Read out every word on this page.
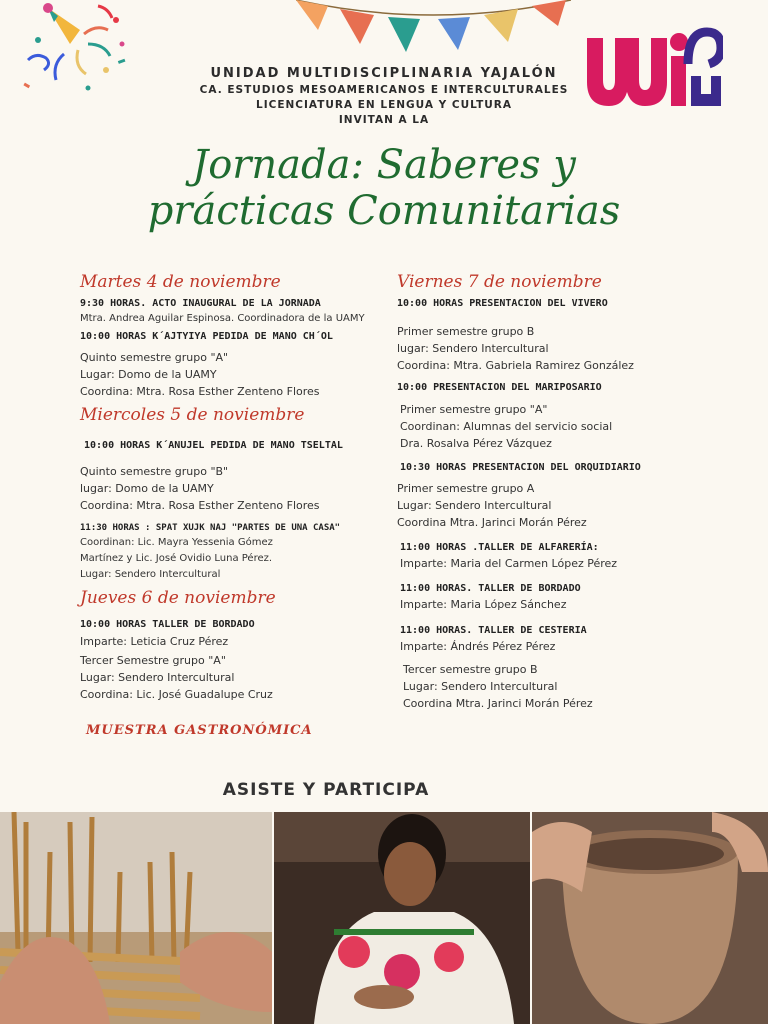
UNIDAD MULTIDISCIPLINARIA YAJALÓN
CA. ESTUDIOS MESOAMERICANOS E INTERCULTURALES
LICENCIATURA EN LENGUA Y CULTURA
INVITAN A LA
Jornada: Saberes y
prácticas Comunitarias
Martes 4 de noviembre
9:30 HORAS. ACTO INAUGURAL DE LA JORNADA
Mtra. Andrea Aguilar Espinosa. Coordinadora de la UAMY
10:00 HORAS K´AJTYIYA PEDIDA DE MANO CH´OL
Quinto semestre grupo "A"
Lugar: Domo de la UAMY
Coordina: Mtra. Rosa Esther Zenteno Flores
Miercoles 5 de noviembre
10:00 HORAS K´ANUJEL PEDIDA DE MANO TSELTAL
Quinto semestre grupo "B"
lugar: Domo de la UAMY
Coordina: Mtra. Rosa Esther Zenteno Flores
11:30 HORAS : SPAT XUJK NAJ "PARTES DE UNA CASA"
Coordinan: Lic. Mayra Yessenia Gómez
Martínez y Lic. José Ovidio Luna Pérez.
Lugar: Sendero Intercultural
Jueves 6 de noviembre
10:00 HORAS TALLER DE BORDADO
Imparte: Leticia Cruz Pérez
Tercer Semestre grupo "A"
Lugar: Sendero Intercultural
Coordina: Lic. José Guadalupe Cruz
MUESTRA GASTRONÓMICA
Viernes 7 de noviembre
10:00 HORAS PRESENTACION DEL VIVERO
Primer semestre grupo B
lugar: Sendero Intercultural
Coordina: Mtra. Gabriela Ramirez González
10:00 PRESENTACION DEL MARIPOSARIO
Primer semestre grupo "A"
Coordinan: Alumnas del servicio social
Dra. Rosalva Pérez Vázquez
10:30 HORAS PRESENTACION DEL ORQUIDIARIO
Primer semestre grupo A
Lugar: Sendero Intercultural
Coordina Mtra. Jarinci Morán Pérez
11:00 HORAS .TALLER DE ALFARERÍA:
Imparte: Maria del Carmen López Pérez
11:00 HORAS. TALLER DE BORDADO
Imparte: Maria López Sánchez
11:00 HORAS. TALLER DE CESTERIA
Imparte: Ándrés Pérez Pérez
Tercer semestre grupo B
Lugar: Sendero Intercultural
Coordina Mtra. Jarinci Morán Pérez
ASISTE Y PARTICIPA
